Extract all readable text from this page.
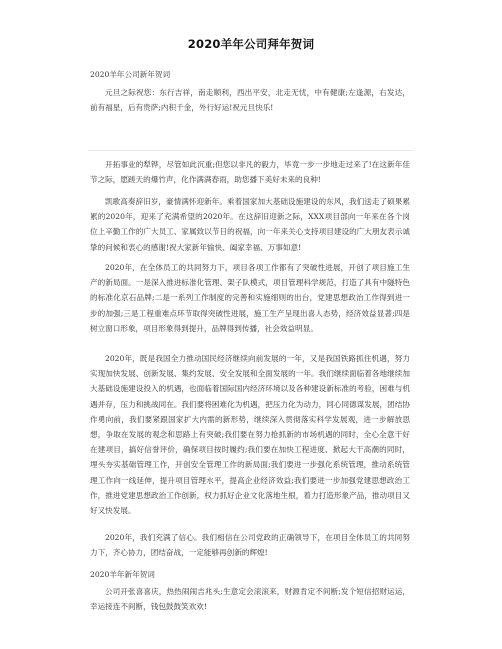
2020羊年公司拜年贺词
2020羊年公司新年贺词
元旦之际祝您：东行吉祥，南走顺利，西出平安，北走无忧，中有健康;左逢源，右发达，前有福星，后有贵萨;内积千金，外行好运!祝元旦快乐!
开拓事业的犁铧，尽管如此沉重;但您以非凡的毅力，毕竟一步一步地走过来了!在这新年佳节之际，愿蹉天的爆竹声，化作满满春雨，助您播下美好未来的良种!
凯歌高奏辞旧岁，豪情满怀迎新年。乘着国家加大基础设施建设的东风，我们送走了硕果累累的2020年，迎来了充满希望的2020年。在这辞旧迎新之际，XXX项目部向一年来在各个岗位上辛勤工作的广大员工、家属致以节日的祝福，向一年来关心支持项目建设的广大朋友表示诚挚的问候和衷心的感谢!祝大家新年愉快、阖家幸福、万事如意!
2020年，在全体员工的共同努力下，项目各项工作都有了突破性进展，开创了项目施工生产的新局面。一是深入推进标准化管理、架子队模式，项目管理科学规范，打造了具有中隧特色的标准化京石品牌;二是一系列工作制度的完善和实施细则的出台，党建思想政治工作得到进一步的加强;三是工程重难点环节取得突破性进展，施工生产呈现出喜人态势，经济效益显著;四是树立窗口形象，项目形象得到提升，品牌得到传播，社会效益明显。
2020年，既是我国全力推动国民经济继续向前发展的一年，又是我国铁路抓住机遇，努力实现加快发展、创新发展、集约发展、安全发展和全面发展的一年。我们继续面临着各地继续加大基础设施建设投入的机遇，也面临着国际国内经济环境以及各种建设新标准的考验，困难与机遇并存，压力和挑战同在。我们要将困难化为机遇，把压力化为动力，同心同德谋发展，团结协作勇向前，我们要紧跟国家扩大内需的新形势，继续深入贯彻落实科学发展观，进一步解放思想，争取在发展的观念和思路上有突破;我们要在努力抢抓新的市场机遇的同时，全心全意干好在建项目，搞好信誉评价，确保项目按时履约;我们要在加快工程进度、掀起大干高潮的同时，埋头夯实基础管理工作，开创安全管理工作的新局面;我们要进一步强化系统管理，推动系统管理工作向一线延伸，提升项目管理水平，提高企业经济效益;我们要进一步加强党建思想政治工作，推进党建思想政治工作创新，权力抓好企业文化落地生根，着力打造形象产品，推动项目又好又快发展。
2020年，我们充满了信心。我们相信在公司党政的正确领导下，在项目全体员工的共同努力下，齐心协力，团结奋战，一定能够再创新的辉煌!
2020羊年新年贺词
公司开张喜喜庆，热热闹闹吉兆头;生意定会滚滚来，财源肯定不间断;发个短信招财运运，幸运接连不间断，钱包鼓鼓笑欢欢!
